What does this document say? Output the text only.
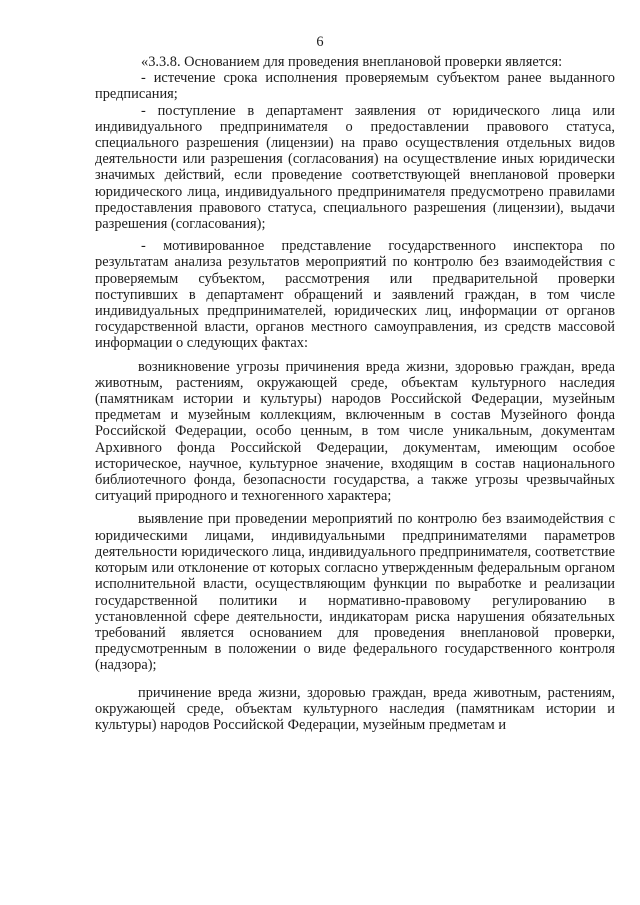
6

«3.3.8. Основанием для проведения внеплановой проверки является:

- истечение срока исполнения проверяемым субъектом ранее выданного предписания;

- поступление в департамент заявления от юридического лица или индивидуального предпринимателя о предоставлении правового статуса, специального разрешения (лицензии) на право осуществления отдельных видов деятельности или разрешения (согласования) на осуществление иных юридически значимых действий, если проведение соответствующей внеплановой проверки юридического лица, индивидуального предпринимателя предусмотрено правилами предоставления правового статуса, специального разрешения (лицензии), выдачи разрешения (согласования);

- мотивированное представление государственного инспектора по результатам анализа результатов мероприятий по контролю без взаимодействия с проверяемым субъектом, рассмотрения или предварительной проверки поступивших в департамент обращений и заявлений граждан, в том числе индивидуальных предпринимателей, юридических лиц, информации от органов государственной власти, органов местного самоуправления, из средств массовой информации о следующих фактах:

возникновение угрозы причинения вреда жизни, здоровью граждан, вреда животным, растениям, окружающей среде, объектам культурного наследия (памятникам истории и культуры) народов Российской Федерации, музейным предметам и музейным коллекциям, включенным в состав Музейного фонда Российской Федерации, особо ценным, в том числе уникальным, документам Архивного фонда Российской Федерации, документам, имеющим особое историческое, научное, культурное значение, входящим в состав национального библиотечного фонда, безопасности государства, а также угрозы чрезвычайных ситуаций природного и техногенного характера;

выявление при проведении мероприятий по контролю без взаимодействия с юридическими лицами, индивидуальными предпринимателями параметров деятельности юридического лица, индивидуального предпринимателя, соответствие которым или отклонение от которых согласно утвержденным федеральным органом исполнительной власти, осуществляющим функции по выработке и реализации государственной политики и нормативно-правовому регулированию в установленной сфере деятельности, индикаторам риска нарушения обязательных требований является основанием для проведения внеплановой проверки, предусмотренным в положении о виде федерального государственного контроля (надзора);

причинение вреда жизни, здоровью граждан, вреда животным, растениям, окружающей среде, объектам культурного наследия (памятникам истории и культуры) народов Российской Федерации, музейным предметам и
